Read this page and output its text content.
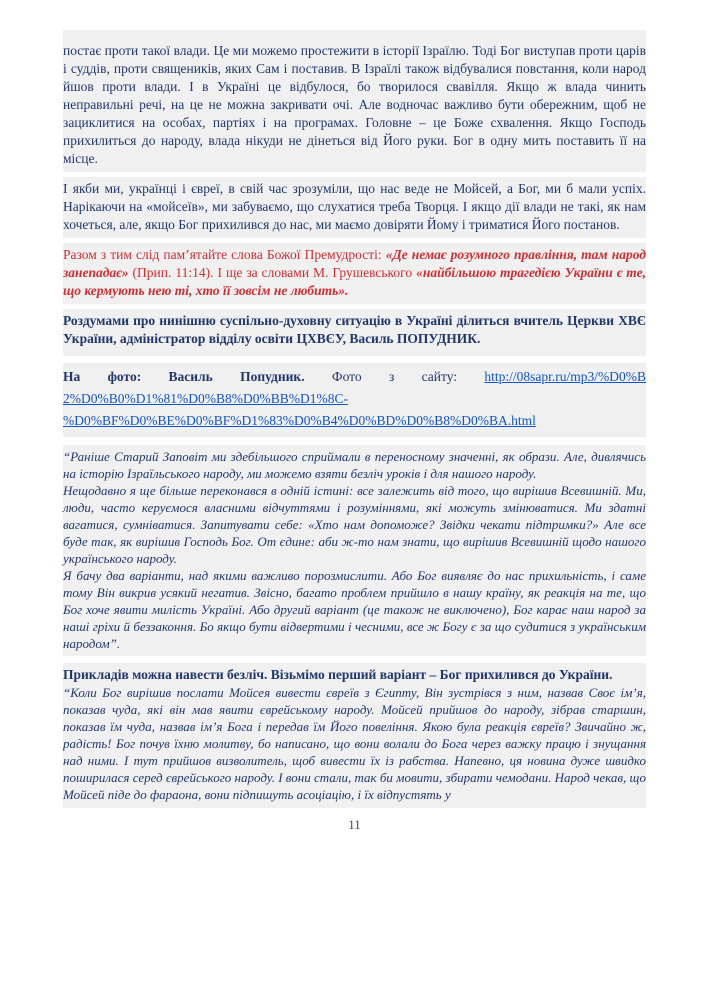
постає проти такої влади. Це ми можемо простежити в історії Ізраїлю. Тоді Бог виступав проти царів і суддів, проти священиків, яких Сам і поставив. В Ізраїлі також відбувалися повстання, коли народ йшов проти влади. І в Україні це відбулося, бо творилося свавілля. Якщо ж влада чинить неправильні речі, на це не можна закривати очі. Але водночас важливо бути обережним, щоб не зациклитися на особах, партіях і на програмах. Головне – це Боже схвалення. Якщо Господь прихилиться до народу, влада нікуди не дінеться від Його руки. Бог в одну мить поставить її на місце.

І якби ми, українці і євреї, в свій час зрозуміли, що нас веде не Мойсей, а Бог, ми б мали успіх. Нарікаючи на «мойсеїв», ми забуваємо, що слухатися треба Творця. І якщо дії влади не такі, як нам хочеться, але, якщо Бог прихилився до нас, ми маємо довіряти Йому і триматися Його постанов.

Разом з тим слід пам’ятайте слова Божої Премудрості: «Де немає розумного правління, там народ занепадає» (Прип. 11:14). І ще за словами М. Грушевського «найбільшою трагедією України є те, що кермують нею ті, хто її зовсім не любить».

Роздумами про нинішню суспільно-духовну ситуацію в Україні ділиться вчитель Церкви ХВЄ України, адміністратор відділу освіти ЦХВЄУ, Василь ПОПУДНИК.

На фото: Василь Попудник. Фото з сайту: http://08sapr.ru/mp3/%D0%B
2%D0%B0%D1%81%D0%B8%D0%BB%D1%8C-
%D0%BF%D0%BE%D0%BF%D1%83%D0%B4%D0%BD%D0%B8%D0%BA.html

“Раніше Старий Заповіт ми здебільшого сприймали в переносному значенні, як образи. Але, дивлячись на історію Ізраїльського народу, ми можемо взяти безліч уроків і для нашого народу.

Нещодавно я ще більше переконався в одній істині: все залежить від того, що вирішив Всевишній. Ми, люди, часто керуємося власними відчуттями і розуміннями, які можуть змінюватися. Ми здатні вагатися, сумніватися. Запитувати себе: «Хто нам допоможе? Звідки чекати підтримки?» Але все буде так, як вирішив Господь Бог. От єдине: аби ж-то нам знати, що вирішив Всевишній щодо нашого українського народу.

Я бачу два варіанти, над якими важливо порозмислити. Або Бог виявляє до нас прихильність, і саме тому Він викрив усякий негатив. Звісно, багато проблем прийшло в нашу країну, як реакція на те, що Бог хоче явити милість Україні. Або другий варіант (це також не виключено), Бог карає наш народ за наші гріхи й беззаконня. Бо якщо бути відвертими і чесними, все ж Богу є за що судитися з українським народом”.

Прикладів можна навести безліч. Візьмімо перший варіант – Бог прихилився до України.

“Коли Бог вирішив послати Мойсея вивести євреїв з Єгипту, Він зустрівся з ним, назвав Своє ім’я, показав чуда, які він мав явити єврейському народу. Мойсей прийшов до народу, зібрав старшин, показав їм чуда, назвав ім’я Бога і передав їм Його повеління. Якою була реакція євреїв? Звичайно ж, радість! Бог почув їхню молитву, бо написано, що вони волали до Бога через важку працю і знущання над ними. І тут прийшов визволитель, щоб вивести їх із рабства. Напевно, ця новина дуже швидко поширилася серед єврейського народу. І вони стали, так би мовити, збирати чемодани. Народ чекав, що Мойсей піде до фараона, вони підпишуть асоціацію, і їх відпустять у

11
